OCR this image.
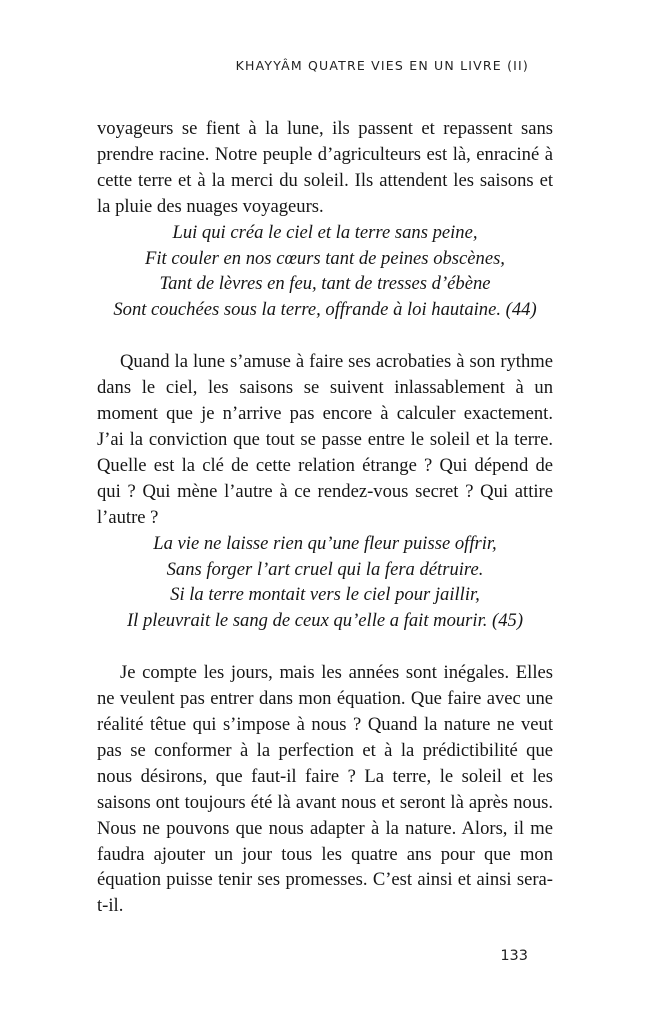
KHAYYÂM QUATRE VIES EN UN LIVRE (II)

voyageurs se fient à la lune, ils passent et repassent sans prendre racine. Notre peuple d’agriculteurs est là, enraciné à cette terre et à la merci du soleil. Ils attendent les saisons et la pluie des nuages voyageurs.

Lui qui créa le ciel et la terre sans peine,
Fit couler en nos cœurs tant de peines obscènes,
Tant de lèvres en feu, tant de tresses d’ébène
Sont couchées sous la terre, offrande à loi hautaine. (44)

Quand la lune s’amuse à faire ses acrobaties à son rythme dans le ciel, les saisons se suivent inlassablement à un moment que je n’arrive pas encore à calculer exactement. J’ai la conviction que tout se passe entre le soleil et la terre. Quelle est la clé de cette relation étrange ? Qui dépend de qui ? Qui mène l’autre à ce rendez-vous secret ? Qui attire l’autre ?

La vie ne laisse rien qu’une fleur puisse offrir,
Sans forger l’art cruel qui la fera détruire.
Si la terre montait vers le ciel pour jaillir,
Il pleuvrait le sang de ceux qu’elle a fait mourir. (45)

Je compte les jours, mais les années sont inégales. Elles ne veulent pas entrer dans mon équation. Que faire avec une réalité têtue qui s’impose à nous ? Quand la nature ne veut pas se conformer à la perfection et à la prédictibilité que nous désirons, que faut-il faire ? La terre, le soleil et les saisons ont toujours été là avant nous et seront là après nous. Nous ne pouvons que nous adapter à la nature. Alors, il me faudra ajouter un jour tous les quatre ans pour que mon équation puisse tenir ses promesses. C’est ainsi et ainsi sera-t-il.

133
